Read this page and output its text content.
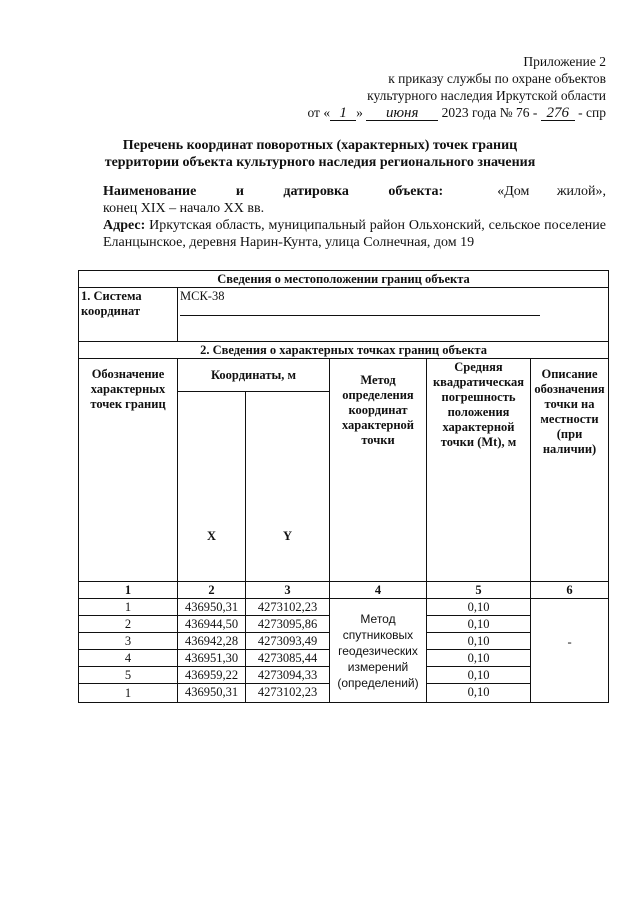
Приложение 2
к приказу службы по охране объектов
культурного наследия Иркутской области
от « 1 » июня 2023 года № 76 - 276 - спр
Перечень координат поворотных (характерных) точек границ
территории объекта культурного наследия регионального значения
Наименование и датировка объекта:	«Дом жилой»,
конец XIX – начало XX вв.
Адрес: Иркутская область, муниципальный район Ольхонский, сельское поселение Еланцынское, деревня Нарин-Кунта, улица Солнечная, дом 19
Сведения о местоположении границ объекта					
1. Система координат	МСК-38				

2. Сведения о характерных точках границ объекта					
Обозначение характерных точек границ	Координаты, м		Метод определения координат характерной точки	Средняя квадратическая погрешность положения характерной точки (Mt), м	Описание обозначения точки на местности (при наличии)
	X	Y			
1	2	3	4	5	6
1	436950,31	4273102,23	Метод спутниковых геодезических измерений (определений)	0,10	-
2	436944,50	4273095,86		0,10	
3	436942,28	4273093,49		0,10	
4	436951,30	4273085,44		0,10	
5	436959,22	4273094,33		0,10	
1	436950,31	4273102,23		0,10	
